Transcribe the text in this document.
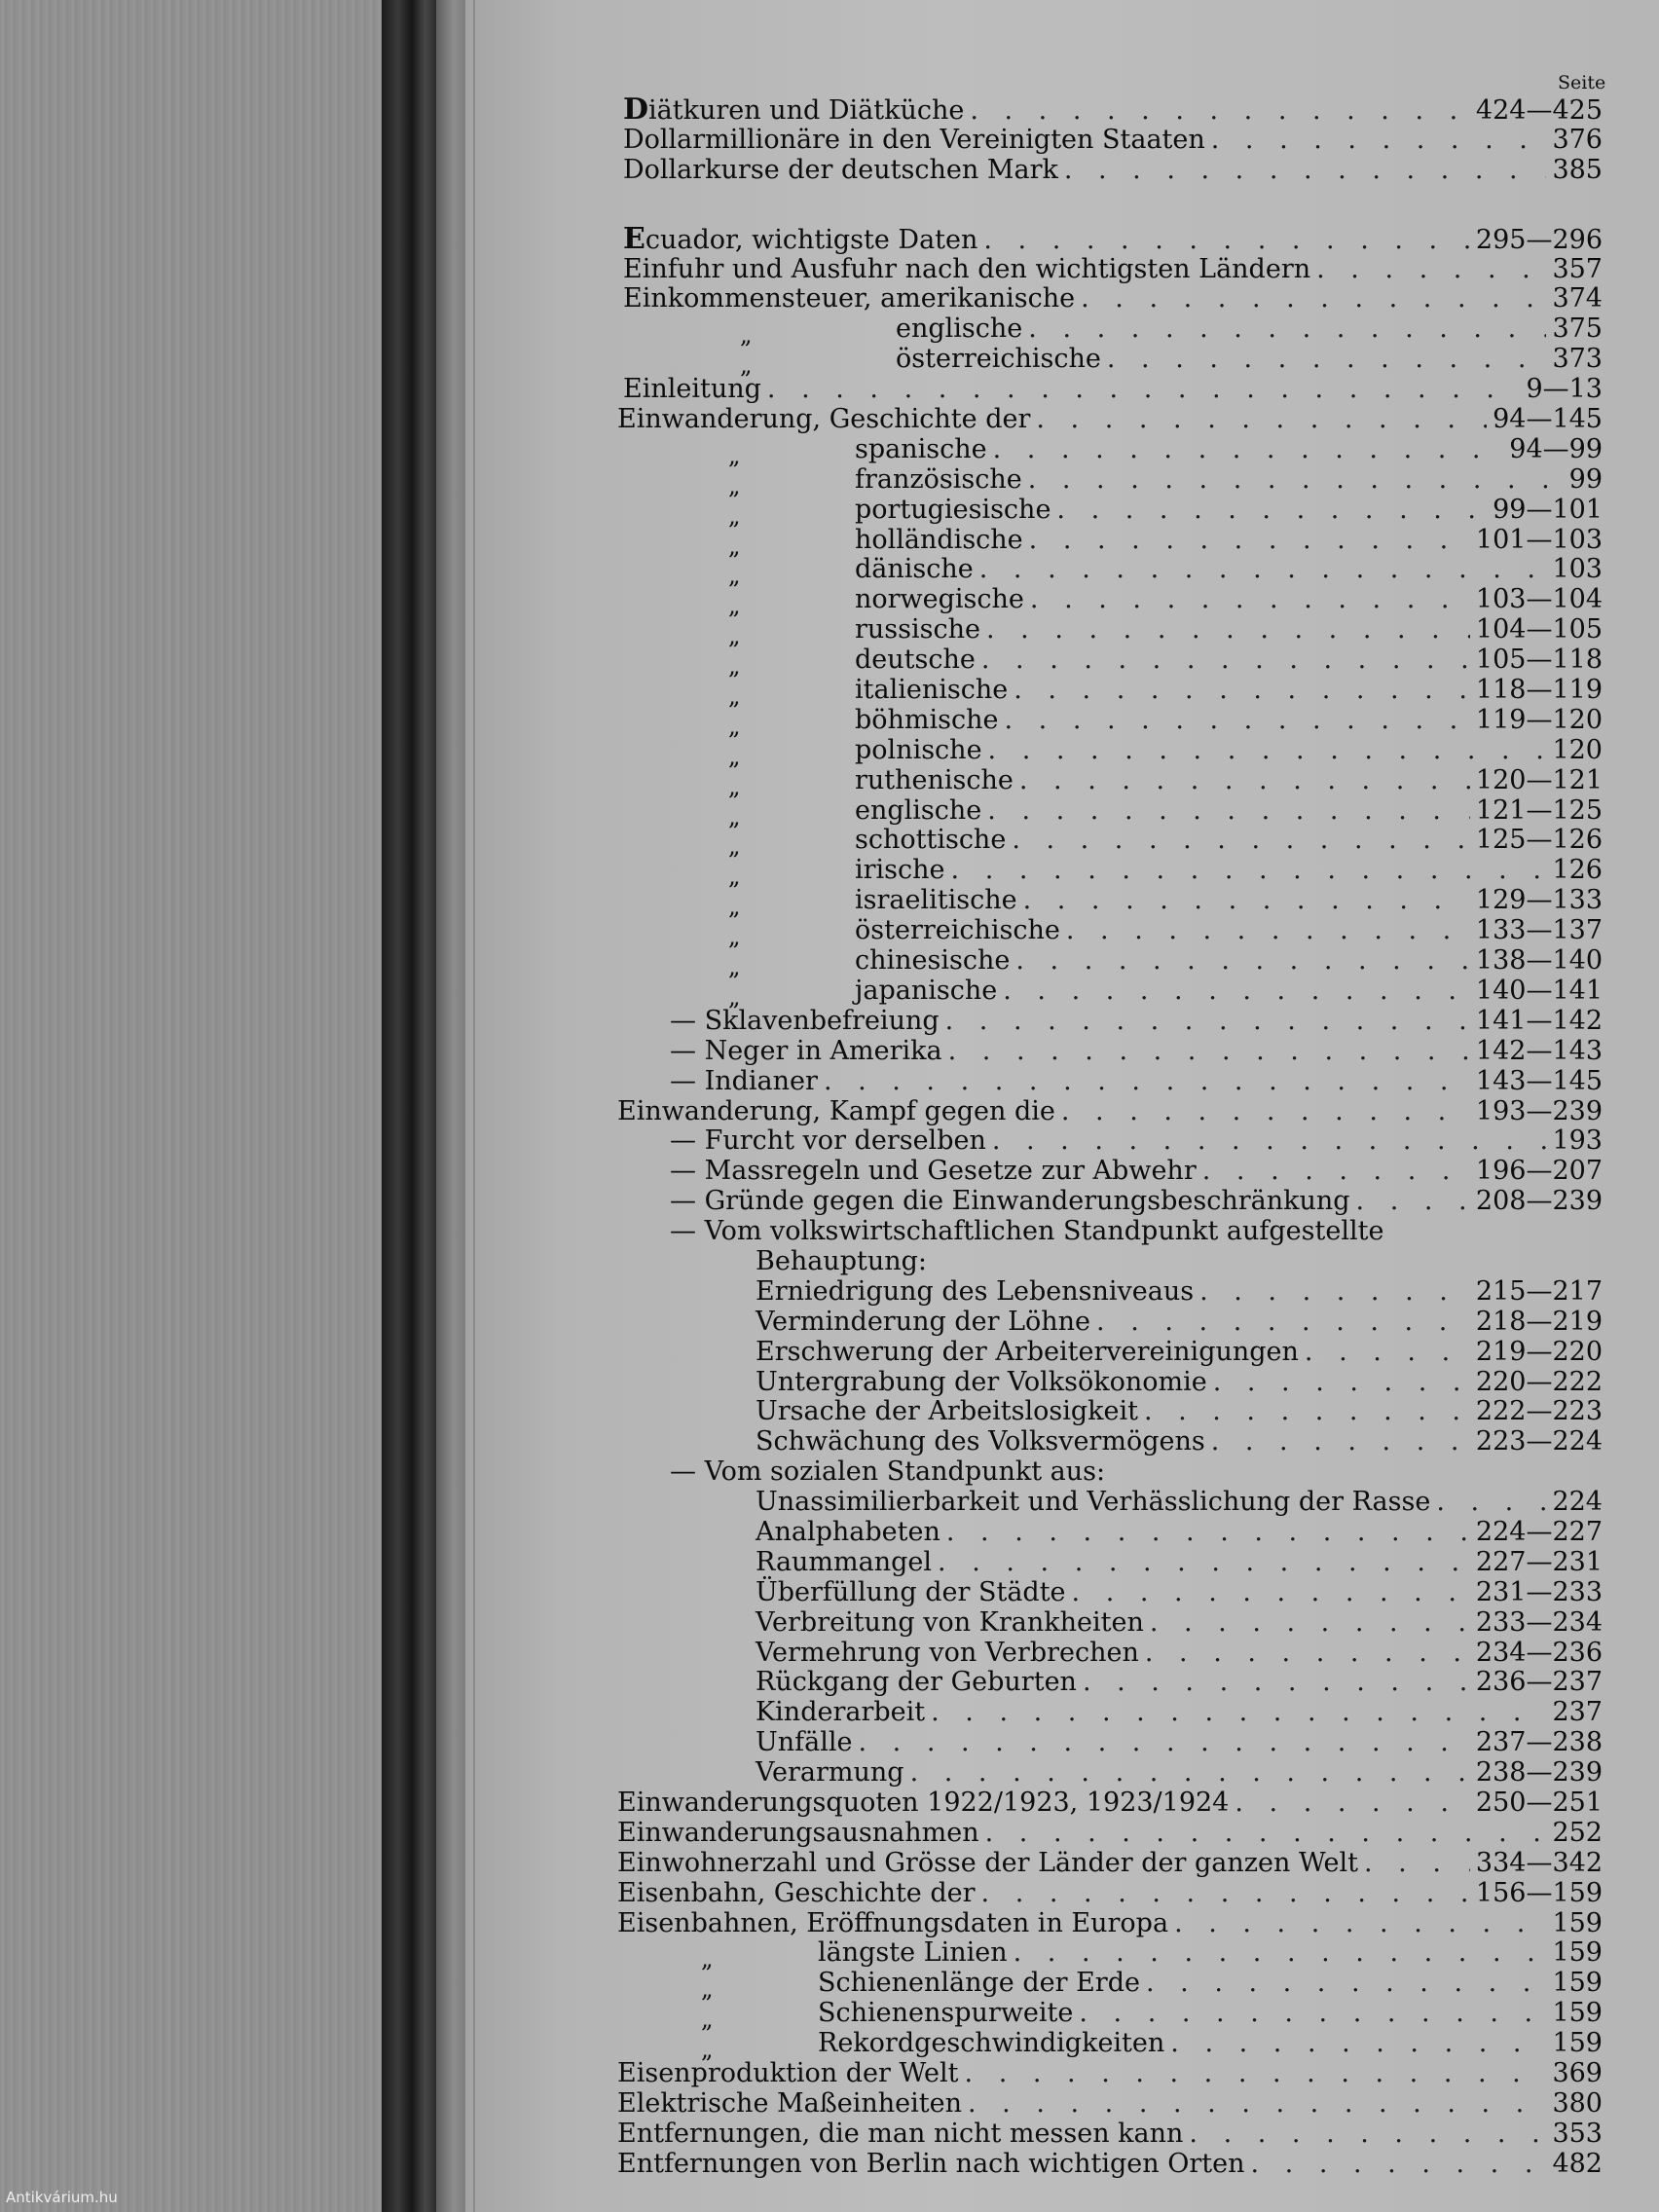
Seite
Diätkuren und Diätküche . . .	424—425
Dollarmillionäre in den Vereinigten Staaten . . .	376
Dollarkurse der deutschen Mark . . .	385
Ecuador, wichtigste Daten . . .	295—296
Einfuhr und Ausfuhr nach den wichtigsten Ländern . . .	357
Einkommensteuer, amerikanische . . .	374
„	englische . . .	375
„	österreichische . . .	373
Einleitung . . .	9—13
Einwanderung, Geschichte der . . .	94—145
„	spanische . . .	94—99
„	französische . . .	99
„	portugiesische . . .	99—101
„	holländische . . .	101—103
„	dänische . . .	103
„	norwegische . . .	103—104
„	russische . . .	104—105
„	deutsche . . .	105—118
„	italienische . . .	118—119
„	böhmische . . .	119—120
„	polnische . . .	120
„	ruthenische . . .	120—121
„	englische . . .	121—125
„	schottische . . .	125—126
„	irische . . .	126
„	israelitische . . .	129—133
„	österreichische . . .	133—137
„	chinesische . . .	138—140
„	japanische . . .	140—141
— Sklavenbefreiung . . .	141—142
— Neger in Amerika . . .	142—143
— Indianer . . .	143—145
Einwanderung, Kampf gegen die . . .	193—239
— Furcht vor derselben . . .	193
— Massregeln und Gesetze zur Abwehr . . .	196—207
— Gründe gegen die Einwanderungsbeschränkung . . .	208—239
— Vom volkswirtschaftlichen Standpunkt aufgestellte
Behauptung:
Erniedrigung des Lebensniveaus . . .	215—217
Verminderung der Löhne . . .	218—219
Erschwerung der Arbeitervereinigungen . . .	219—220
Untergrabung der Volksökonomie . . .	220—222
Ursache der Arbeitslosigkeit . . .	222—223
Schwächung des Volksvermögens . . .	223—224
— Vom sozialen Standpunkt aus:
Unassimilierbarkeit und Verhässlichung der Rasse . . .	224
Analphabeten . . .	224—227
Raummangel . . .	227—231
Überfüllung der Städte . . .	231—233
Verbreitung von Krankheiten . . .	233—234
Vermehrung von Verbrechen . . .	234—236
Rückgang der Geburten . . .	236—237
Kinderarbeit . . .	237
Unfälle . . .	237—238
Verarmung . . .	238—239
Einwanderungsquoten 1922/1923, 1923/1924 . . .	250—251
Einwanderungsausnahmen . . .	252
Einwohnerzahl und Grösse der Länder der ganzen Welt . . .	334—342
Eisenbahn, Geschichte der . . .	156—159
Eisenbahnen, Eröffnungsdaten in Europa . . .	159
„	längste Linien . . .	159
„	Schienenlänge der Erde . . .	159
„	Schienenspurweite . . .	159
„	Rekordgeschwindigkeiten . . .	159
Eisenproduktion der Welt . . .	369
Elektrische Maßeinheiten . . .	380
Entfernungen, die man nicht messen kann . . .	353
Entfernungen von Berlin nach wichtigen Orten . . .	482
Antikvárium.hu
